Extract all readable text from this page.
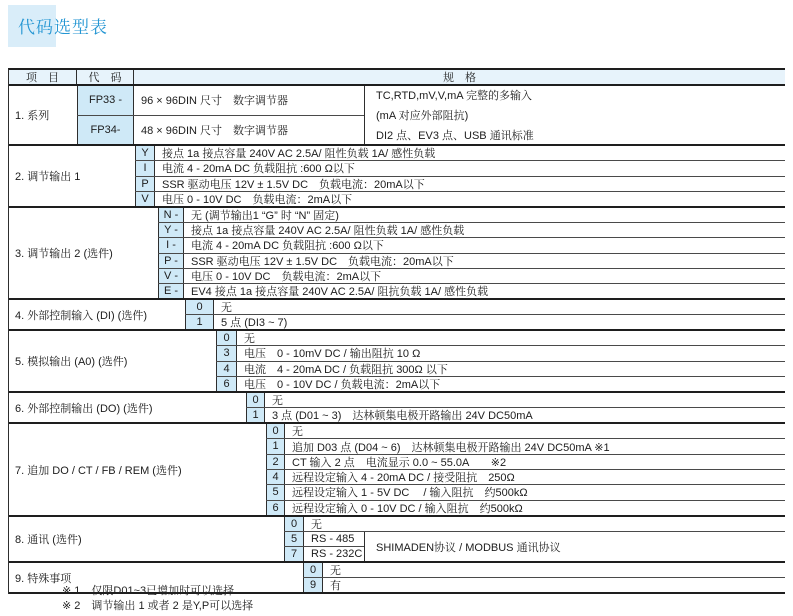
代码选型表
项　目	代　码	规　格
1. 系列
FP33 -	96 × 96DIN 尺寸　数字调节器
FP34-	48 × 96DIN 尺寸　数字调节器
TC,RTD,mV,V,mA 完整的多输入
(mA 对应外部阻抗)
DI2 点、EV3 点、USB 通讯标准
2. 调节输出 1
Y	接点 1a 接点容量 240V AC 2.5A/ 阻性负载 1A/ 感性负载
I	电流 4 - 20mA DC 负载阻抗 :600 Ω以下
P	SSR 驱动电压 12V ± 1.5V DC　负载电流：20mA以下
V	电压 0 - 10V DC　负载电流：2mA以下
3. 调节输出 2 (选件)
N -	无 (调节输出1 “G” 时 “N” 固定)
Y -	接点 1a 接点容量 240V AC 2.5A/ 阻性负载 1A/ 感性负载
I -	电流 4 - 20mA DC 负载阻抗 :600 Ω以下
P -	SSR 驱动电压 12V ± 1.5V DC　负载电流：20mA以下
V -	电压 0 - 10V DC　负载电流：2mA以下
E -	EV4 接点 1a 接点容量 240V AC 2.5A/ 阻抗负载 1A/ 感性负载
4. 外部控制输入 (DI) (选件)
0	无
1	5 点 (DI3 ~ 7)
5. 模拟输出 (A0) (选件)
0	无
3	电压　0 - 10mV DC / 输出阻抗 10 Ω
4	电流　4 - 20mA DC / 负载阻抗 300Ω 以下
6	电压　0 - 10V DC / 负载电流：2mA以下
6. 外部控制输出 (DO) (选件)
0	无
1	3 点 (D01 ~ 3)　达林顿集电极开路输出 24V DC50mA
7. 追加 DO / CT / FB / REM (选件)
0	无
1	追加 D03 点 (D04 ~ 6)　达林顿集电极开路输出 24V DC50mA ※1
2	CT 输入 2 点　电流显示 0.0 ~ 55.0A　　※2
4	远程设定输入 4 - 20mA DC / 接受阻抗　250Ω
5	远程设定输入 1 - 5V DC　 / 输入阻抗　约500kΩ
6	远程设定输入 0 - 10V DC / 输入阻抗　约500kΩ
8. 通讯 (选件)
0	无
5	RS - 485
7	RS - 232C
SHIMADEN协议 / MODBUS 通讯协议
9. 特殊事项
0	无
9	有
※ 1　仅限D01~3已增加时可以选择
※ 2　调节输出 1 或者 2 是Y,P可以选择
